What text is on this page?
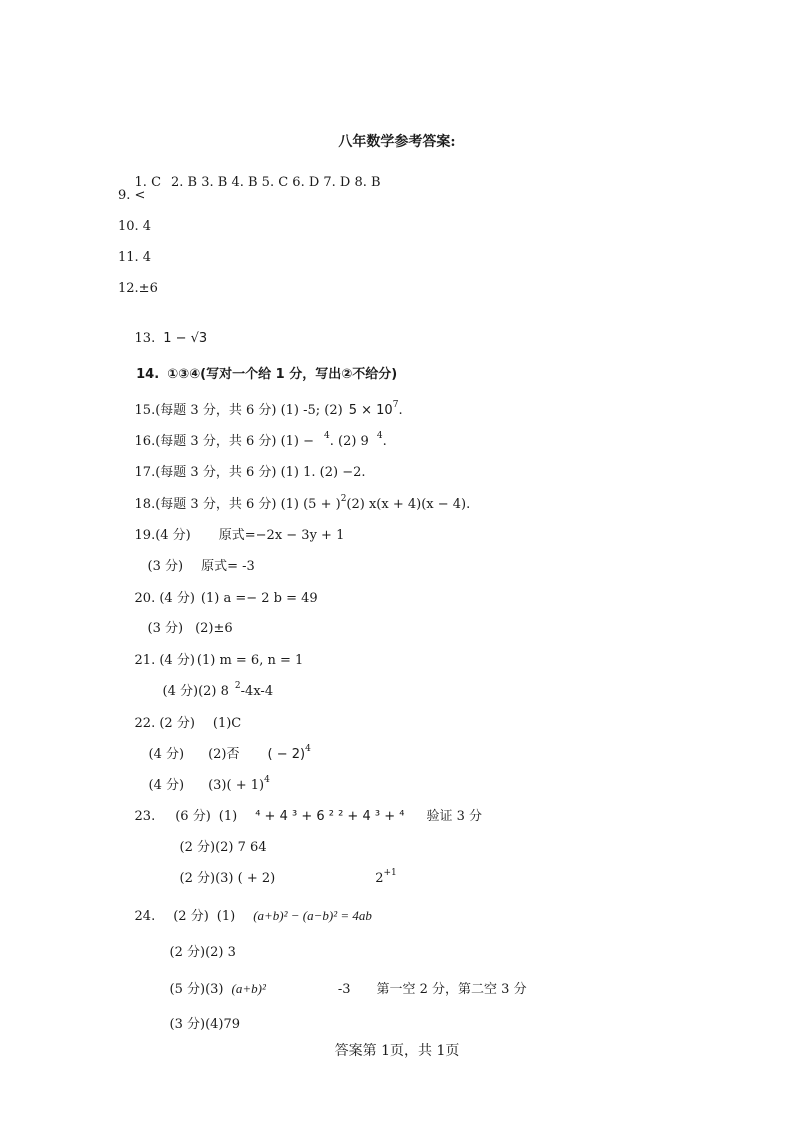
八年数学参考答案:

1. C 2. B 3. B 4. B 5. C 6. D 7. D 8. B

9. <
10. 4
11. 4
12.±6

13. 1 − √3

14. ①③④(写对一个给 1 分，写出②不给分)

15.(每题 3 分，共 6 分) (1) -5; (2) $5 \times 10^7$.

16.(每题 3 分，共 6 分) (1) − $^4$. (2) 9 $^4$.

17.(每题 3 分，共 6 分) (1) 1. (2) −2.

18.(每题 3 分，共 6 分) (1) $(5 + )^2(2)$ x(x + 4)(x − 4).

19.(4 分) 原式=−2x − 3y + 1

(3 分) 原式= -3

20. (4 分) (1) a =− 2 b = 49

(3 分) (2)±6

21. (4 分) (1) m = 6, n = 1

(4 分)(2) 8 $^2$-4x-4

22. (2 分) (1)C

(4 分) (2)否 ( − 2)$^4$

(4 分) $(3)( + 1)^4$

23. (6 分) (1) ⁴ + 4 ³ + 6 ² ² + 4 ³ + ⁴ 验证 3 分

(2 分)(2) 7 64

(2 分)(3) ( + 2)	$2^{+1}$

24. (2 分) (1) (a+b)² − (a−b)² = 4ab

(2 分)(2) 3

(5 分)(3) (a+b)²	-3 第一空 2 分，第二空 3 分

(3 分)(4)79

答案第 1页，共 1页
